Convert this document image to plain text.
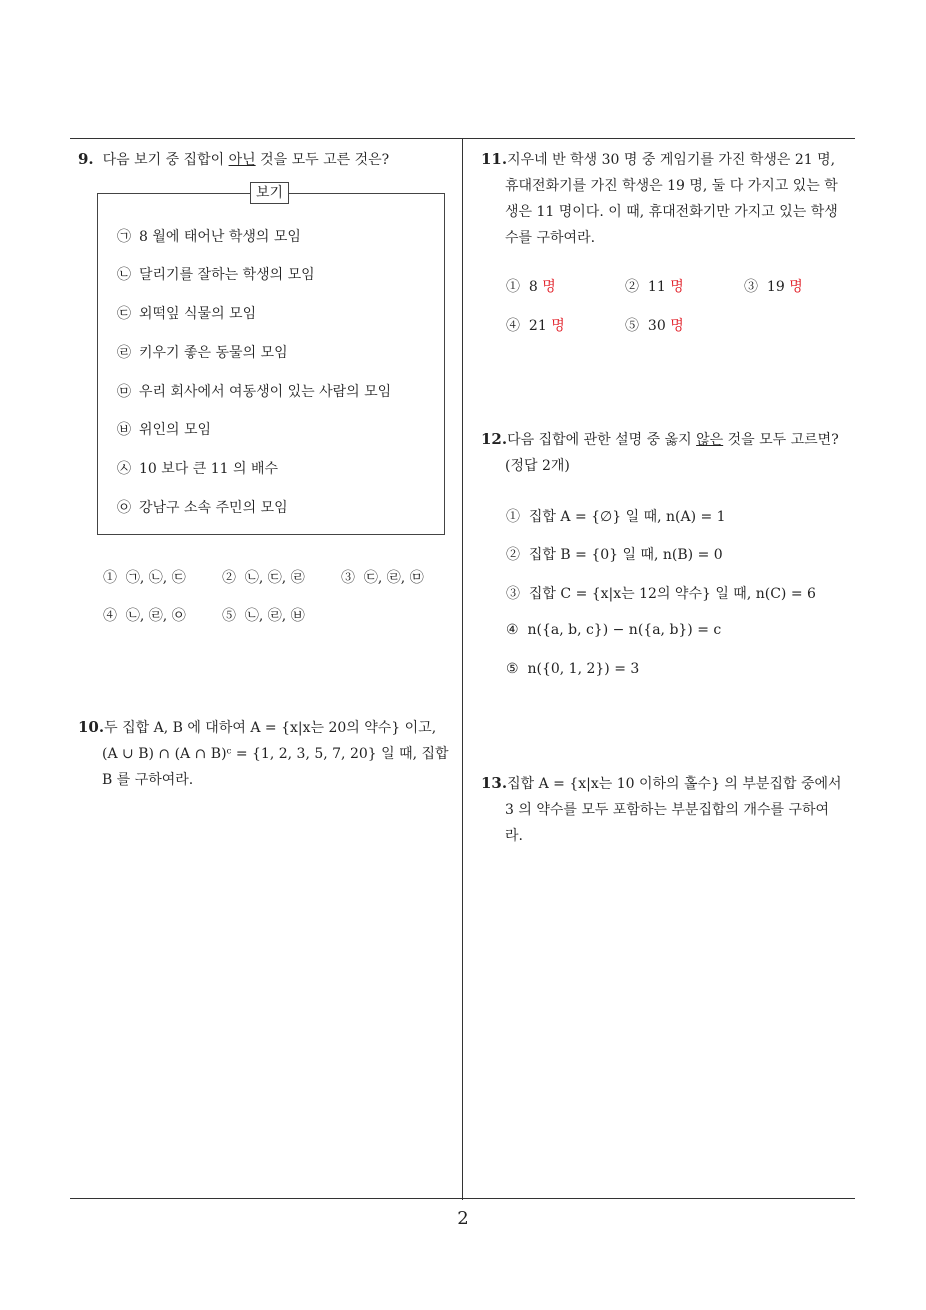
9. 다음 보기 중 집합이 아닌 것을 모두 고른 것은?
보기
㉠ 8 월에 태어난 학생의 모임
㉡ 달리기를 잘하는 학생의 모임
㉢ 외떡잎 식물의 모임
㉣ 키우기 좋은 동물의 모임
㉤ 우리 회사에서 여동생이 있는 사람의 모임
㉥ 위인의 모임
㉦ 10 보다 큰 11 의 배수
㉧ 강남구 소속 주민의 모임
① ㉠, ㉡, ㉢	② ㉡, ㉢, ㉣	③ ㉢, ㉣, ㉤
④ ㉡, ㉣, ㉧	⑤ ㉡, ㉣, ㉥
10.두 집합 A, B 에 대하여 A = {x|x는 20의 약수} 이고,
(A ∪ B) ∩ (A ∩ B)ᶜ = {1, 2, 3, 5, 7, 20} 일 때, 집합
B 를 구하여라.
11.지우네 반 학생 30 명 중 게임기를 가진 학생은 21 명,
휴대전화기를 가진 학생은 19 명, 둘 다 가지고 있는 학
생은 11 명이다. 이 때, 휴대전화기만 가지고 있는 학생
수를 구하여라.
① 8 명	② 11 명	③ 19 명
④ 21 명	⑤ 30 명
12.다음 집합에 관한 설명 중 옳지 않은 것을 모두 고르면?
(정답 2개)
① 집합 A = {∅} 일 때, n(A) = 1
② 집합 B = {0} 일 때, n(B) = 0
③ 집합 C = {x|x는 12의 약수} 일 때, n(C) = 6
④ n({a, b, c}) − n({a, b}) = c
⑤ n({0, 1, 2}) = 3
13.집합 A = {x|x는 10 이하의 홀수} 의 부분집합 중에서
3 의 약수를 모두 포함하는 부분집합의 개수를 구하여
라.
2
